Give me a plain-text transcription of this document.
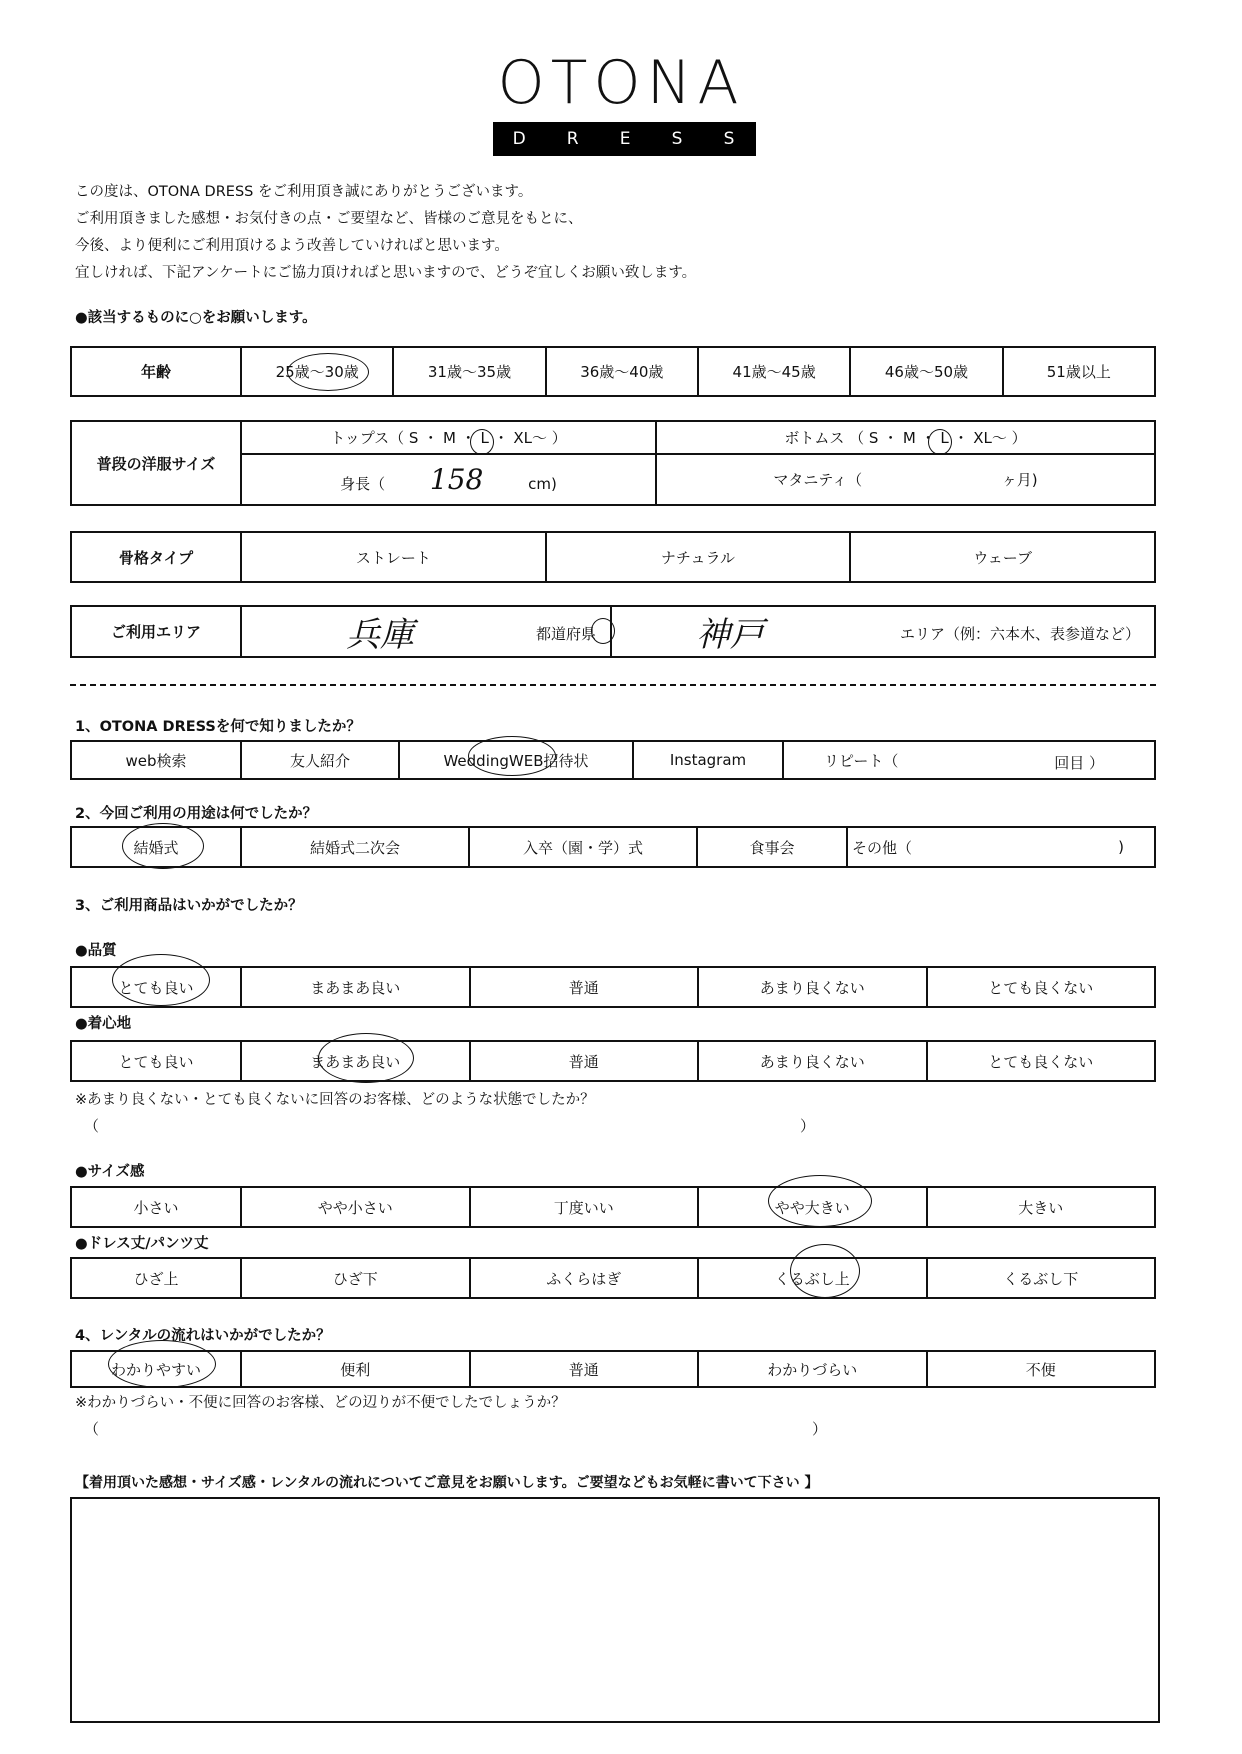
OTONA
D R E S S
この度は、OTONA DRESS をご利用頂き誠にありがとうございます。
ご利用頂きました感想・お気付きの点・ご要望など、皆様のご意見をもとに、
今後、より便利にご利用頂けるよう改善していければと思います。
宜しければ、下記アンケートにご協力頂ければと思いますので、どうぞ宜しくお願い致します。
●該当するものに○をお願いします。
年齢	25歳〜30歳	31歳〜35歳	36歳〜40歳	41歳〜45歳	46歳〜50歳	51歳以上
普段の洋服サイズ	トップス（ S ・ M ・ L ・ XL〜 ）	ボトムス （ S ・ M ・ L ・ XL〜 ）
	身長（ 158 cm)	マタニティ（ ヶ月)
骨格タイプ	ストレート	ナチュラル	ウェーブ
ご利用エリア	兵庫	都道府県	神戸	エリア（例：六本木、表参道など）
1、OTONA DRESSを何で知りましたか？
web検索	友人紹介	WeddingWEB招待状	Instagram	リピート（	回目 ）
2、今回ご利用の用途は何でしたか？
結婚式	結婚式二次会	入卒（園・学）式	食事会	その他（	)
3、ご利用商品はいかがでしたか？
●品質
とても良い	まあまあ良い	普通	あまり良くない	とても良くない
●着心地
とても良い	まあまあ良い	普通	あまり良くない	とても良くない
※あまり良くない・とても良くないに回答のお客様、どのような状態でしたか？
（	）
●サイズ感
小さい	やや小さい	丁度いい	やや大きい	大きい
●ドレス丈/パンツ丈
ひざ上	ひざ下	ふくらはぎ	くるぶし上	くるぶし下
4、レンタルの流れはいかがでしたか？
わかりやすい	便利	普通	わかりづらい	不便
※わかりづらい・不便に回答のお客様、どの辺りが不便でしたでしょうか？
（	）
【着用頂いた感想・サイズ感・レンタルの流れについてご意見をお願いします。ご要望などもお気軽に書いて下さい 】
